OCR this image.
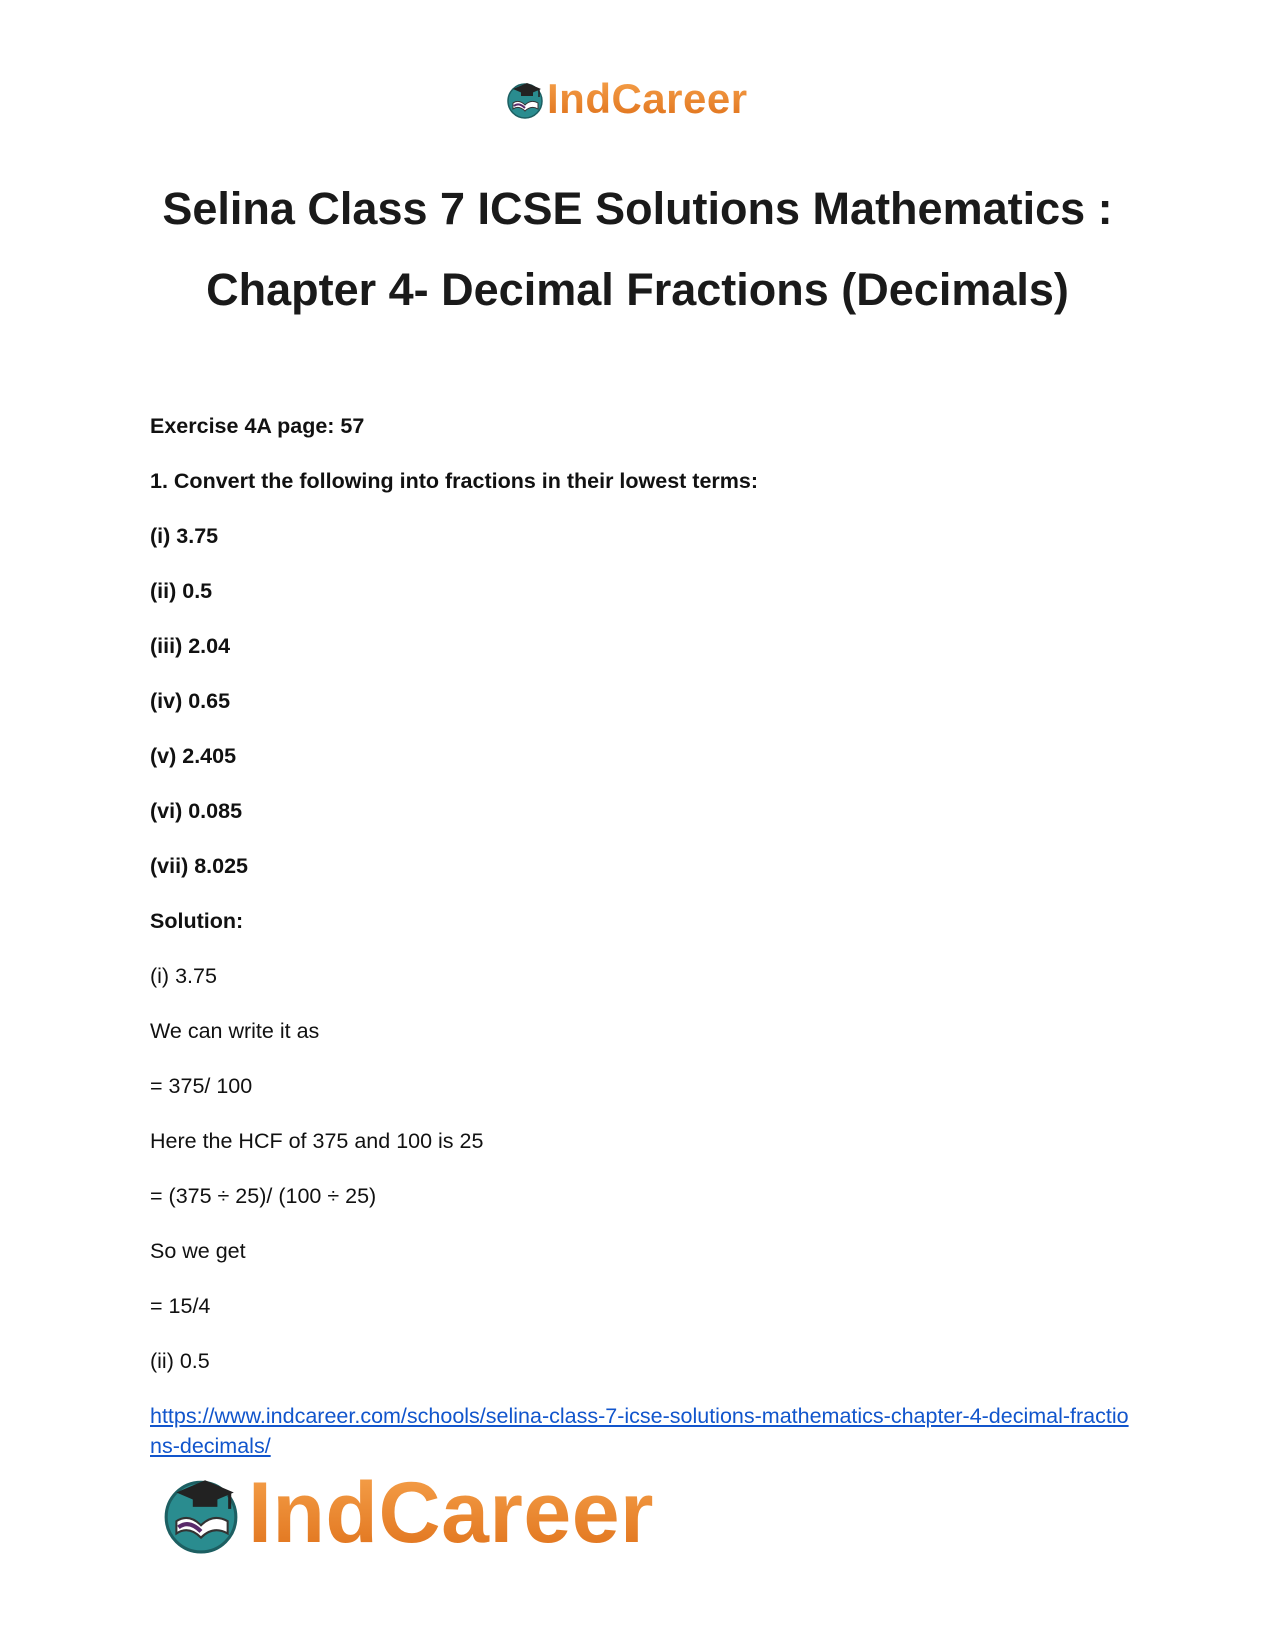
IndCareer
Selina Class 7 ICSE Solutions Mathematics :
Chapter 4- Decimal Fractions (Decimals)
Exercise 4A page: 57
1. Convert the following into fractions in their lowest terms:
(i) 3.75
(ii) 0.5
(iii) 2.04
(iv) 0.65
(v) 2.405
(vi) 0.085
(vii) 8.025
Solution:
(i) 3.75
We can write it as
= 375/ 100
Here the HCF of 375 and 100 is 25
= (375 ÷ 25)/ (100 ÷ 25)
So we get
= 15/4
(ii) 0.5
https://www.indcareer.com/schools/selina-class-7-icse-solutions-mathematics-chapter-4-decimal-fractions-decimals/
IndCareer
